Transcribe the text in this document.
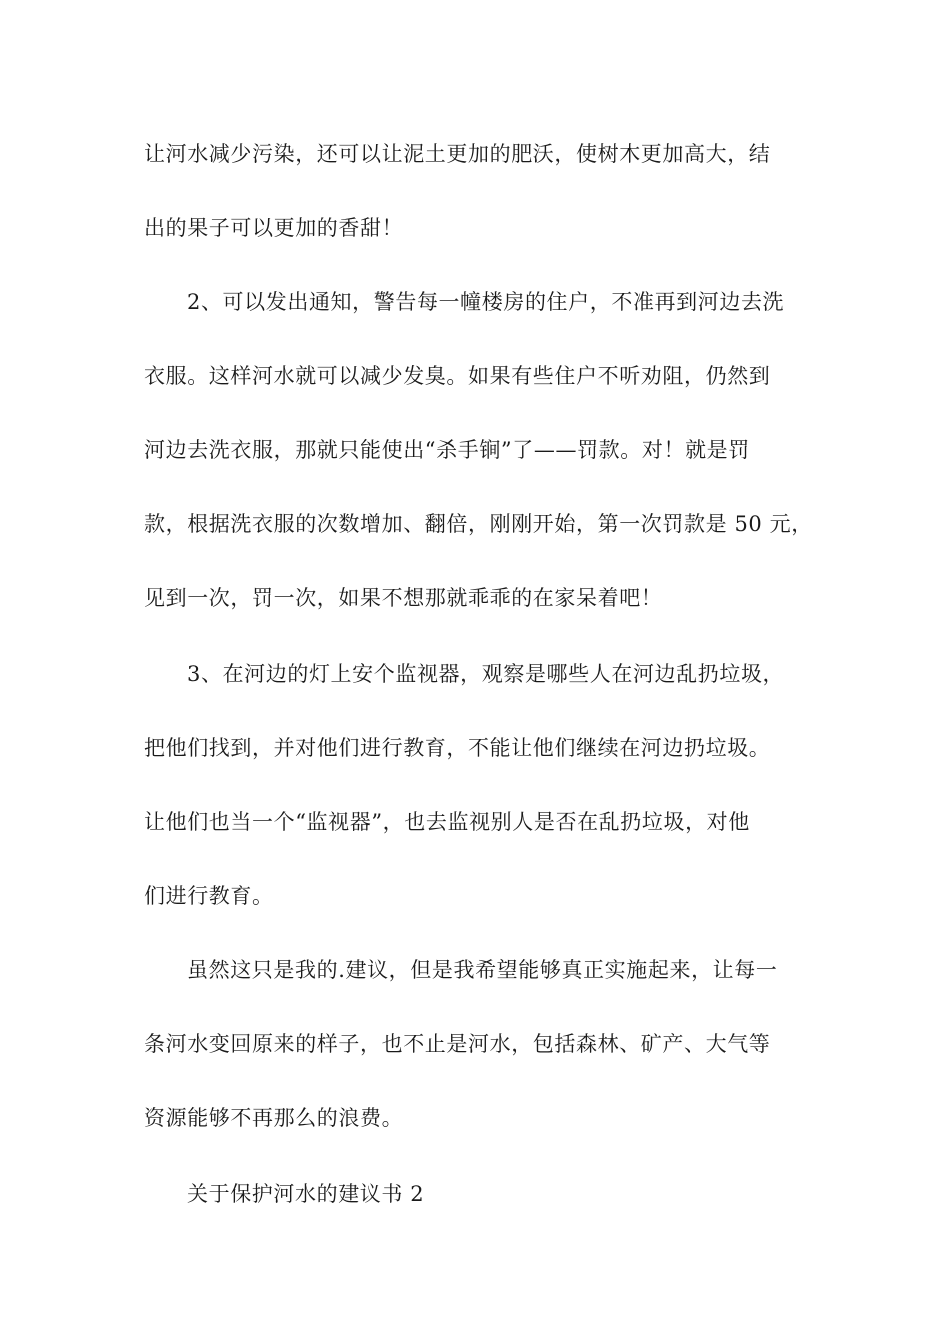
让河水减少污染，还可以让泥土更加的肥沃，使树木更加高大，结
出的果子可以更加的香甜！
2、可以发出通知，警告每一幢楼房的住户，不准再到河边去洗
衣服。这样河水就可以减少发臭。如果有些住户不听劝阻，仍然到
河边去洗衣服，那就只能使出“杀手锏”了——罚款。对！就是罚
款，根据洗衣服的次数增加、翻倍，刚刚开始，第一次罚款是 50 元，
见到一次，罚一次，如果不想那就乖乖的在家呆着吧！
3、在河边的灯上安个监视器，观察是哪些人在河边乱扔垃圾，
把他们找到，并对他们进行教育，不能让他们继续在河边扔垃圾。
让他们也当一个“监视器”，也去监视别人是否在乱扔垃圾，对他
们进行教育。
虽然这只是我的.建议，但是我希望能够真正实施起来，让每一
条河水变回原来的样子，也不止是河水，包括森林、矿产、大气等
资源能够不再那么的浪费。
关于保护河水的建议书 2
